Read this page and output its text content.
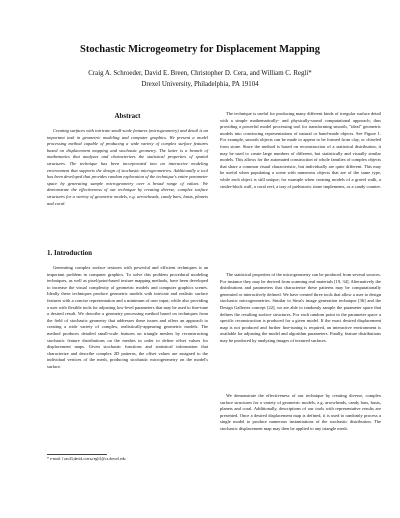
Stochastic Microgeometry for Displacement Mapping
Craig A. Schroeder, David E. Breen, Christopher D. Cera, and William C. Regli*
Drexel University, Philadelphia, PA 19104
Abstract

Creating surfaces with intricate small-scale features (microgeometry) and detail is an important task in geometric modeling and computer graphics. We present a model processing method capable of producing a wide variety of complex surface features based on displacement mapping and stochastic geometry. The latter is a branch of mathematics that analyzes and characterizes the statistical properties of spatial structures. The technique has been incorporated into an interactive modeling environment that supports the design of stochastic microgeometries. Additionally a tool has been developed that provides random exploration of the technique's entire parameter space by generating sample microgeometry over a broad range of values. We demonstrate the effectiveness of our technique by creating diverse, complex surface structures for a variety of geometric models, e.g. arrowheads, candy bars, busts, planets and coral.

1. Introduction

Generating complex surface textures with powerful and efficient techniques is an important problem in computer graphics. To solve this problem procedural modeling techniques, as well as pixel/point-based texture mapping methods, have been developed to increase the visual complexity of geometric models and computer graphics scenes. Ideally these techniques produce geometric models with intricate and realistic surface features with a concise representation and a minimum of user input; while also providing a user with flexible tools for adjusting low-level parameters that may be used to fine-tune a desired result. We describe a geometry processing method based on techniques from the field of stochastic geometry that addresses these issues and offers an approach to creating a wide variety of complex, realistically-appearing geometric models. The method produces detailed small-scale features on triangle meshes by reconstructing stochastic feature distributions on the meshes in order to define offset values for displacement maps. Given stochastic functions and statistical information that characterize and describe complex 2D patterns, the offset values are assigned to the individual vertices of the mesh, producing stochastic microgeometry on the model's surface.

The technique is useful for producing many different kinds of irregular surface detail with a simple mathematically- and physically-sound computational approach; thus providing a powerful model processing tool for transforming smooth, "ideal" geometric models into convincing representations of natural or hand-made objects. See Figure 1. For example, smooth objects can be made to appear to be formed from clay, or chiseled from stone. Since the method is based on reconstruction of a statistical distribution, it may be used to create large numbers of different, but statistically and visually similar models. This allows for the automated construction of whole families of complex objects that share a common visual characteristic, but individually are quite different. This may be useful when populating a scene with numerous objects that are of the same type, while each object is still unique; for example when creating models of a gravel walk, a cinder-block wall, a coral reef, a tray of prehistoric stone implements, or a candy counter.

The statistical properties of the microgeometry can be produced from several sources. For instance they may be derived from scanning real materials [19, 34]. Alternatively the distributions and parameters that characterize these patterns may be computationally generated or interactively defined. We have created three tools that allow a user to design stochastic microgeometries. Similar to Sims's image generation technique [36] and the Design Galleries concept [22], we are able to randomly sample the parameter space that defines the resulting surface structures. For each random point in the parameter space a specific reconstruction is produced for a given model. If the exact desired displacement map is not produced and further fine-tuning is required, an interactive environment is available for adjusting the model and algorithm parameters. Finally, feature distributions may be produced by analyzing images of textured surfaces.

We demonstrate the effectiveness of our technique by creating diverse, complex surface structures for a variety of geometric models, e.g. arrowheads, candy bars, busts, planets and coral. Additionally, descriptions of our tools with representative results are presented. Once a desired displacement map is defined, it is used to randomly process a single model to produce numerous instantiations of the stochastic distribution. The stochastic displacement map may then be applied to any triangle mesh.

* e-mail: {cas43,david,ccera,regli}@cs.drexel.edu
